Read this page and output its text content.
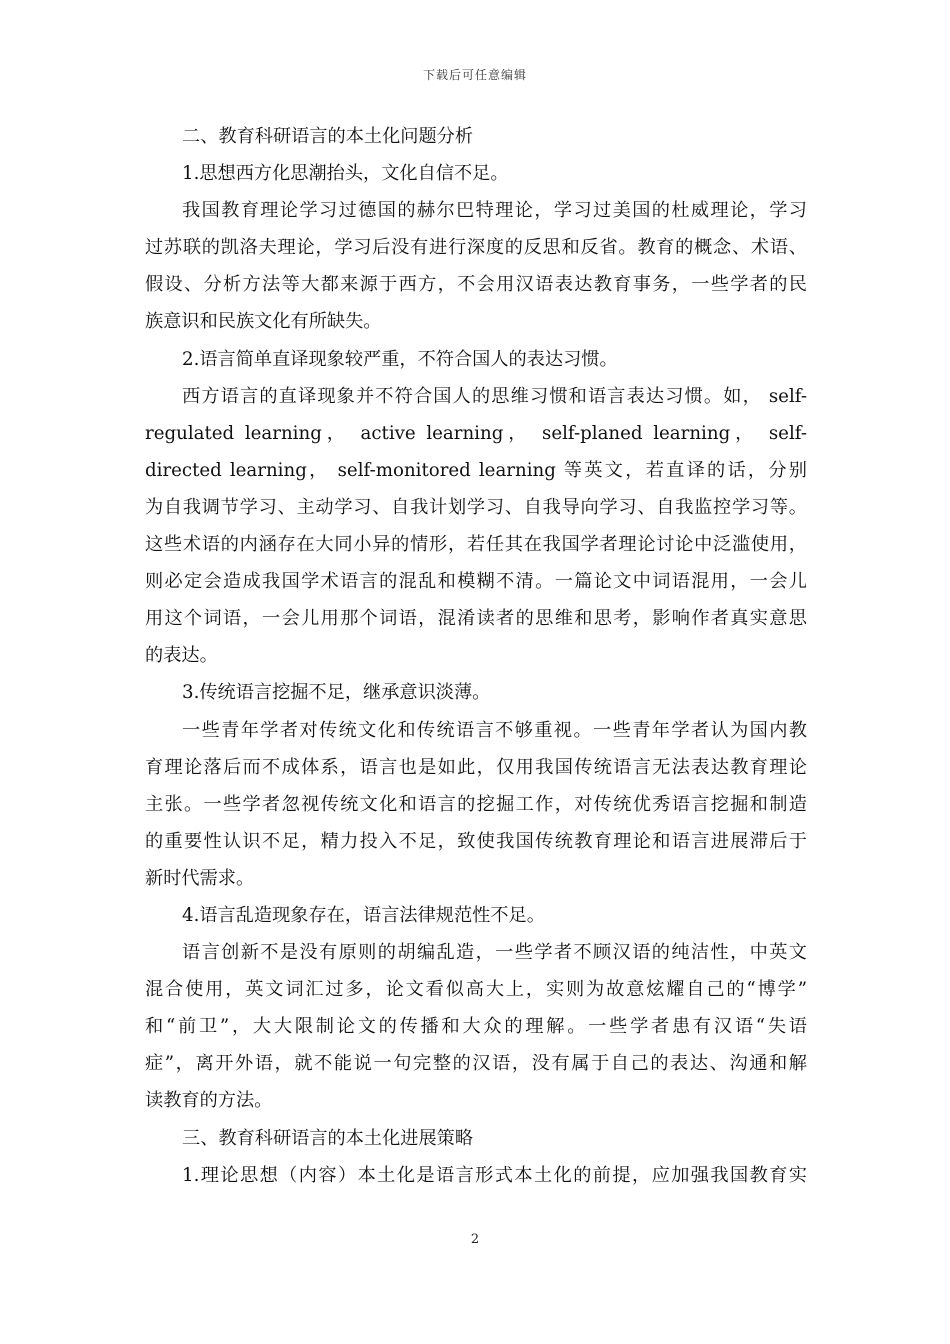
下载后可任意编辑
二、教育科研语言的本土化问题分析
1.思想西方化思潮抬头，文化自信不足。
我国教育理论学习过德国的赫尔巴特理论，学习过美国的杜威理论，学习
过苏联的凯洛夫理论，学习后没有进行深度的反思和反省。教育的概念、术语、
假设、分析方法等大都来源于西方，不会用汉语表达教育事务，一些学者的民
族意识和民族文化有所缺失。
2.语言简单直译现象较严重，不符合国人的表达习惯。
西方语言的直译现象并不符合国人的思维习惯和语言表达习惯。如， self-
regulated learning， active learning， self-planed learning， self-
directed learning， self-monitored learning 等英文，若直译的话，分别
为自我调节学习、主动学习、自我计划学习、自我导向学习、自我监控学习等。
这些术语的内涵存在大同小异的情形，若任其在我国学者理论讨论中泛滥使用，
则必定会造成我国学术语言的混乱和模糊不清。一篇论文中词语混用，一会儿
用这个词语，一会儿用那个词语，混淆读者的思维和思考，影响作者真实意思
的表达。
3.传统语言挖掘不足，继承意识淡薄。
一些青年学者对传统文化和传统语言不够重视。一些青年学者认为国内教
育理论落后而不成体系，语言也是如此，仅用我国传统语言无法表达教育理论
主张。一些学者忽视传统文化和语言的挖掘工作，对传统优秀语言挖掘和制造
的重要性认识不足，精力投入不足，致使我国传统教育理论和语言进展滞后于
新时代需求。
4.语言乱造现象存在，语言法律规范性不足。
语言创新不是没有原则的胡编乱造，一些学者不顾汉语的纯洁性，中英文
混合使用，英文词汇过多，论文看似高大上，实则为故意炫耀自己的“博学”
和“前卫”，大大限制论文的传播和大众的理解。一些学者患有汉语“失语
症”，离开外语，就不能说一句完整的汉语，没有属于自己的表达、沟通和解
读教育的方法。
三、教育科研语言的本土化进展策略
1.理论思想（内容）本土化是语言形式本土化的前提，应加强我国教育实
2
